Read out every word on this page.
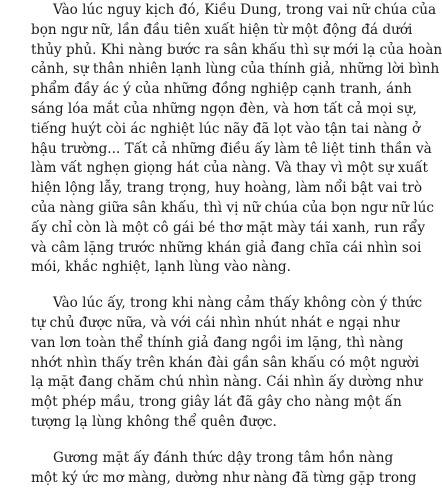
Vào lúc nguy kịch đó, Kiều Dung, trong vai nữ chúa của
bọn ngư nữ, lần đầu tiên xuất hiện từ một động đá dưới
thủy phủ. Khi nàng bước ra sân khấu thì sự mới lạ của hoàn
cảnh, sự thân nhiên lạnh lùng của thính giả, những lời bình
phẩm đầy ác ý của những đồng nghiệp cạnh tranh, ánh
sáng lóa mắt của những ngọn đèn, và hơn tất cả mọi sự,
tiếng huýt còi ác nghiệt lúc nãy đã lọt vào tận tai nàng ở
hậu trường... Tất cả những điều ấy làm tê liệt tinh thần và
làm vất nghẹn giọng hát của nàng. Và thay vì một sự xuất
hiện lộng lẫy, trang trọng, huy hoàng, làm nổi bật vai trò
của nàng giữa sân khấu, thì vị nữ chúa của bọn ngư nữ lúc
ấy chỉ còn là một cô gái bé thơ mặt mày tái xanh, run rẩy
và câm lặng trước những khán giả đang chĩa cái nhìn soi
mói, khắc nghiệt, lạnh lùng vào nàng.
Vào lúc ấy, trong khi nàng cảm thấy không còn ý thức
tự chủ được nữa, và với cái nhìn nhút nhát e ngại như
van lơn toàn thể thính giả đang ngồi im lặng, thì nàng
nhớt nhìn thấy trên khán đài gần sân khấu có một người
lạ mặt đang chăm chú nhìn nàng. Cái nhìn ấy dường như
một phép mầu, trong giây lát đã gây cho nàng một ấn
tượng lạ lùng không thể quên được.
Gương mặt ấy đánh thức dậy trong tâm hồn nàng
một ký ức mơ màng, dường như nàng đã từng gặp trong
